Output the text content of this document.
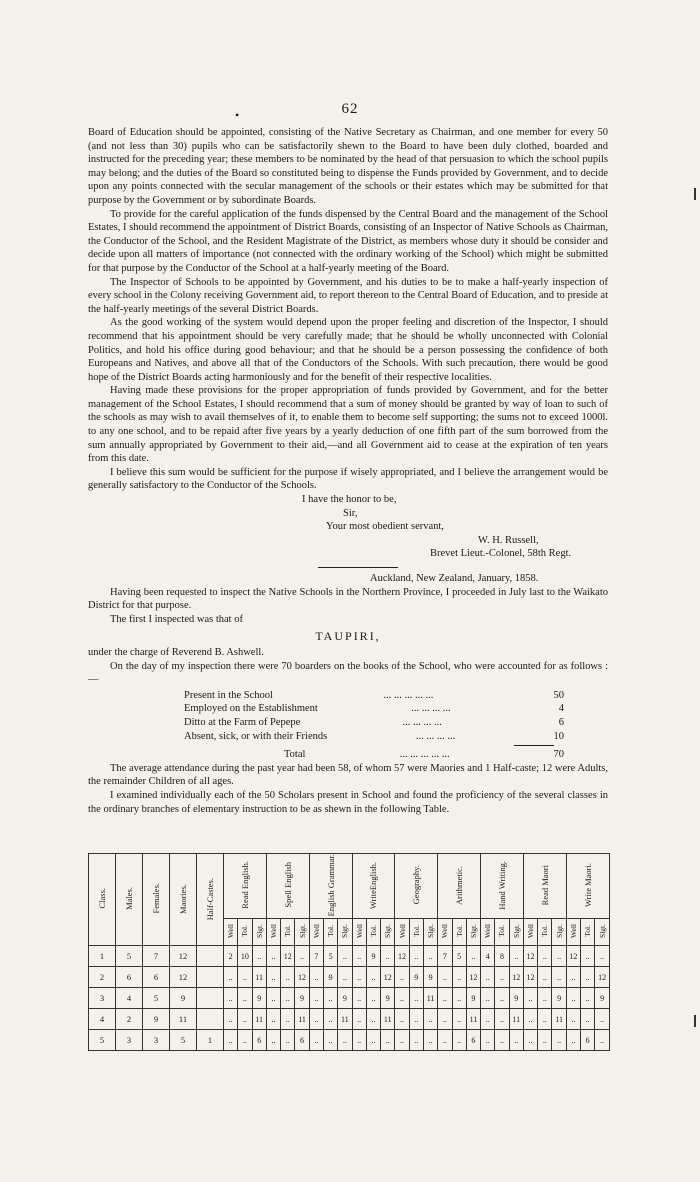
62
•

Board of Education should be appointed, consisting of the Native Secretary as Chairman, and one member for every 50 (and not less than 30) pupils who can be satisfactorily shewn to the Board to have been duly clothed, boarded and instructed for the preceding year; these members to be nominated by the head of that persuasion to which the school pupils may belong; and the duties of the Board so constituted being to dispense the Funds provided by Government, and to decide upon any points connected with the secular management of the schools or their estates which may be submitted for that purpose by the Government or by subordinate Boards.

To provide for the careful application of the funds dispensed by the Central Board and the management of the School Estates, I should recommend the appointment of District Boards, consisting of an Inspector of Native Schools as Chairman, the Conductor of the School, and the Resident Magistrate of the District, as members whose duty it should be consider and decide upon all matters of importance (not connected with the ordinary working of the School) which might be submitted for that purpose by the Conductor of the School at a half-yearly meeting of the Board.

The Inspector of Schools to be appointed by Government, and his duties to be to make a half-yearly inspection of every school in the Colony receiving Government aid, to report thereon to the Central Board of Education, and to preside at the half-yearly meetings of the several District Boards.

As the good working of the system would depend upon the proper feeling and discretion of the Inspector, I should recommend that his appointment should be very carefully made; that he should be wholly unconnected with Colonial Politics, and hold his office during good behaviour; and that he should be a person possessing the confidence of both Europeans and Natives, and above all that of the Conductors of the Schools. With such precaution, there would be good hope of the District Boards acting harmoniously and for the benefit of their respective localities.

Having made these provisions for the proper appropriation of funds provided by Government, and for the better management of the School Estates, I should recommend that a sum of money should be granted by way of loan to such of the schools as may wish to avail themselves of it, to enable them to become self supporting; the sums not to exceed 1000l. to any one school, and to be repaid after five years by a yearly deduction of one fifth part of the sum borrowed from the sum annually appropriated by Government to their aid,—and all Government aid to cease at the expiration of ten years from this date.

I believe this sum would be sufficient for the purpose if wisely appropriated, and I believe the arrangement would be generally satisfactory to the Conductor of the Schools.

I have the honor to be,
Sir,
Your most obedient servant,
W. H. Russell,
Brevet Lieut.-Colonel, 58th Regt.
Auckland, New Zealand, January, 1858.

Having been requested to inspect the Native Schools in the Northern Province, I proceeded in July last to the Waikato District for that purpose.

The first I inspected was that of

TAUPIRI,

under the charge of Reverend B. Ashwell.

On the day of my inspection there were 70 boarders on the books of the School, who were accounted for as follows :—

Present in the School	... ... ... ... ...	50
Employed on the Establishment	... ... ... ...	4
Ditto at the Farm of Pepepe	... ... ... ...	6
Absent, sick, or with their Friends	... ... ... ...	10
Total	... ... ... ... ...	70

The average attendance during the past year had been 58, of whom 57 were Maories and 1 Half-caste; 12 were Adults, the remainder Children of all ages.

I examined individually each of the 50 Scholars present in School and found the proficiency of the several classes in the ordinary branches of elementary instruction to be as shewn in the following Table.

Class.	Males.	Females.	Maories.	Half-Castes.	Read English.			Spell English			English Grammar.			WriteEnglish.			Geography.			Arithmetic.			Hand Writing.			Read Maori			Write Maori.		
					Well	Tol.	Slgt.	Well	Tol.	Slgt.	Well	Tol.	Slgt.	Well	Tol.	Slgt.	Well	Tol.	Slgt.	Well	Tol.	Slgt.	Well	Tol.	Slgt.	Well	Tol.	Slgt.	Well	Tol.	Slgt.
1	5	7	12		2	10	..	..	12	..	7	5	..	..	9	..	12	..	..	7	5	..	4	8	..	12	..	..	12	..	..
2	6	6	12		..	..	11	..	..	12	..	9	..	..	..	12	..	9	9	..	..	12	..	..	12	12	..	..	..	..	12
3	4	5	9		..	..	9	..	..	9	..	..	9	..	..	9	..	..	11	..	..	9	..	..	9	..	..	9	..	..	9
4	2	9	11		..	..	11	..	..	11	..	..	11	..	..	11	..	..	..	..	..	11	..	..	11	..	..	11	..	..	..
5	3	3	5	1	..	..	6	..	..	6	..	..	..	..	..	..	..	..	..	..	..	6	..	..	..	..	..	..	..	6	..
